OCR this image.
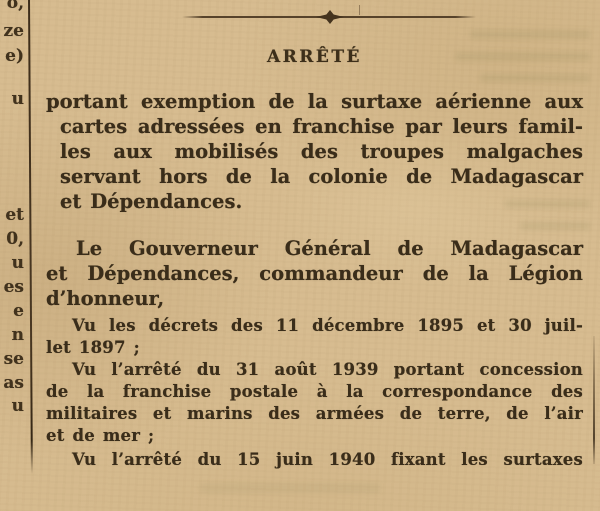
o,
ze
e)
u
et
0,
u
es
e
n
se
as
u
ARRÊTÉ
portant exemption de la surtaxe aérienne aux
cartes adressées en franchise par leurs famil-
les aux mobilisés des troupes malgaches
servant hors de la colonie de Madagascar
et Dépendances.
Le Gouverneur Général de Madagascar
et Dépendances, commandeur de la Légion
d’honneur,
Vu les décrets des 11 décembre 1895 et 30 juil-
let 1897 ;
Vu l’arrêté du 31 août 1939 portant concession
de la franchise postale à la correspondance des
militaires et marins des armées de terre, de l’air
et de mer ;
Vu l’arrêté du 15 juin 1940 fixant les surtaxes
